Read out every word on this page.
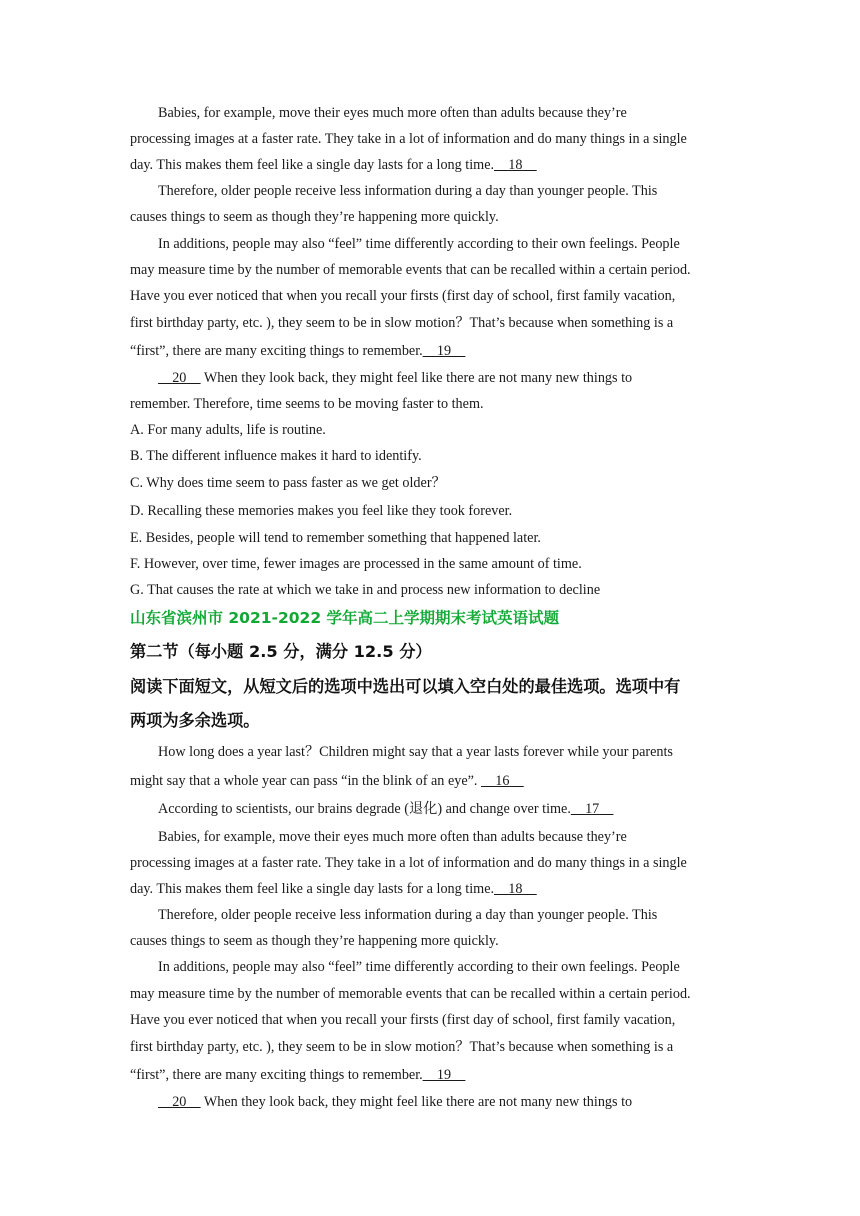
Babies, for example, move their eyes much more often than adults because they’re
processing images at a faster rate. They take in a lot of information and do many things in a single
day. This makes them feel like a single day lasts for a long time. 18
Therefore, older people receive less information during a day than younger people. This
causes things to seem as though they’re happening more quickly.
In additions, people may also “feel” time differently according to their own feelings. People
may measure time by the number of memorable events that can be recalled within a certain period.
Have you ever noticed that when you recall your firsts (first day of school, first family vacation,
first birthday party, etc. ), they seem to be in slow motion？That’s because when something is a
“first”, there are many exciting things to remember. 19
20 When they look back, they might feel like there are not many new things to
remember. Therefore, time seems to be moving faster to them.
A. For many adults, life is routine.
B. The different influence makes it hard to identify.
C. Why does time seem to pass faster as we get older？
D. Recalling these memories makes you feel like they took forever.
E. Besides, people will tend to remember something that happened later.
F. However, over time, fewer images are processed in the same amount of time.
G. That causes the rate at which we take in and process new information to decline
山东省滨州市 2021-2022 学年高二上学期期末考试英语试题
第二节（每小题 2.5 分，满分 12.5 分）
阅读下面短文，从短文后的选项中选出可以填入空白处的最佳选项。选项中有
两项为多余选项。
How long does a year last？Children might say that a year lasts forever while your parents
might say that a whole year can pass “in the blink of an eye”. 16
According to scientists, our brains degrade (退化) and change over time. 17
Babies, for example, move their eyes much more often than adults because they’re
processing images at a faster rate. They take in a lot of information and do many things in a single
day. This makes them feel like a single day lasts for a long time. 18
Therefore, older people receive less information during a day than younger people. This
causes things to seem as though they’re happening more quickly.
In additions, people may also “feel” time differently according to their own feelings. People
may measure time by the number of memorable events that can be recalled within a certain period.
Have you ever noticed that when you recall your firsts (first day of school, first family vacation,
first birthday party, etc. ), they seem to be in slow motion？That’s because when something is a
“first”, there are many exciting things to remember. 19
20 When they look back, they might feel like there are not many new things to
